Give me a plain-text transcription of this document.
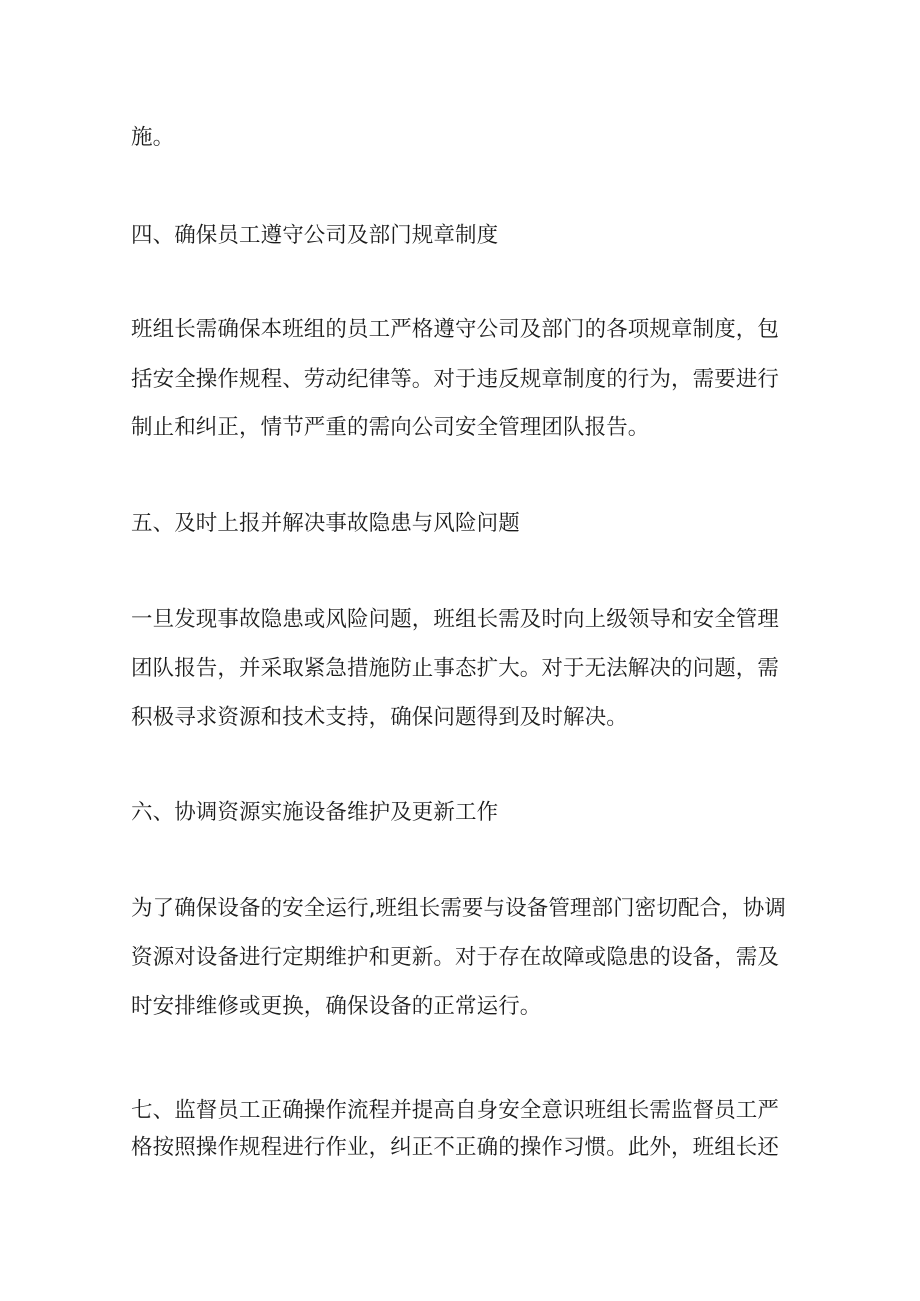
施。
四、确保员工遵守公司及部门规章制度
班组长需确保本班组的员工严格遵守公司及部门的各项规章制度，包
括安全操作规程、劳动纪律等。对于违反规章制度的行为，需要进行
制止和纠正，情节严重的需向公司安全管理团队报告。
五、及时上报并解决事故隐患与风险问题
一旦发现事故隐患或风险问题，班组长需及时向上级领导和安全管理
团队报告，并采取紧急措施防止事态扩大。对于无法解决的问题，需
积极寻求资源和技术支持，确保问题得到及时解决。
六、协调资源实施设备维护及更新工作
为了确保设备的安全运行,班组长需要与设备管理部门密切配合，协调
资源对设备进行定期维护和更新。对于存在故障或隐患的设备，需及
时安排维修或更换，确保设备的正常运行。
七、监督员工正确操作流程并提高自身安全意识班组长需监督员工严
格按照操作规程进行作业，纠正不正确的操作习惯。此外，班组长还
